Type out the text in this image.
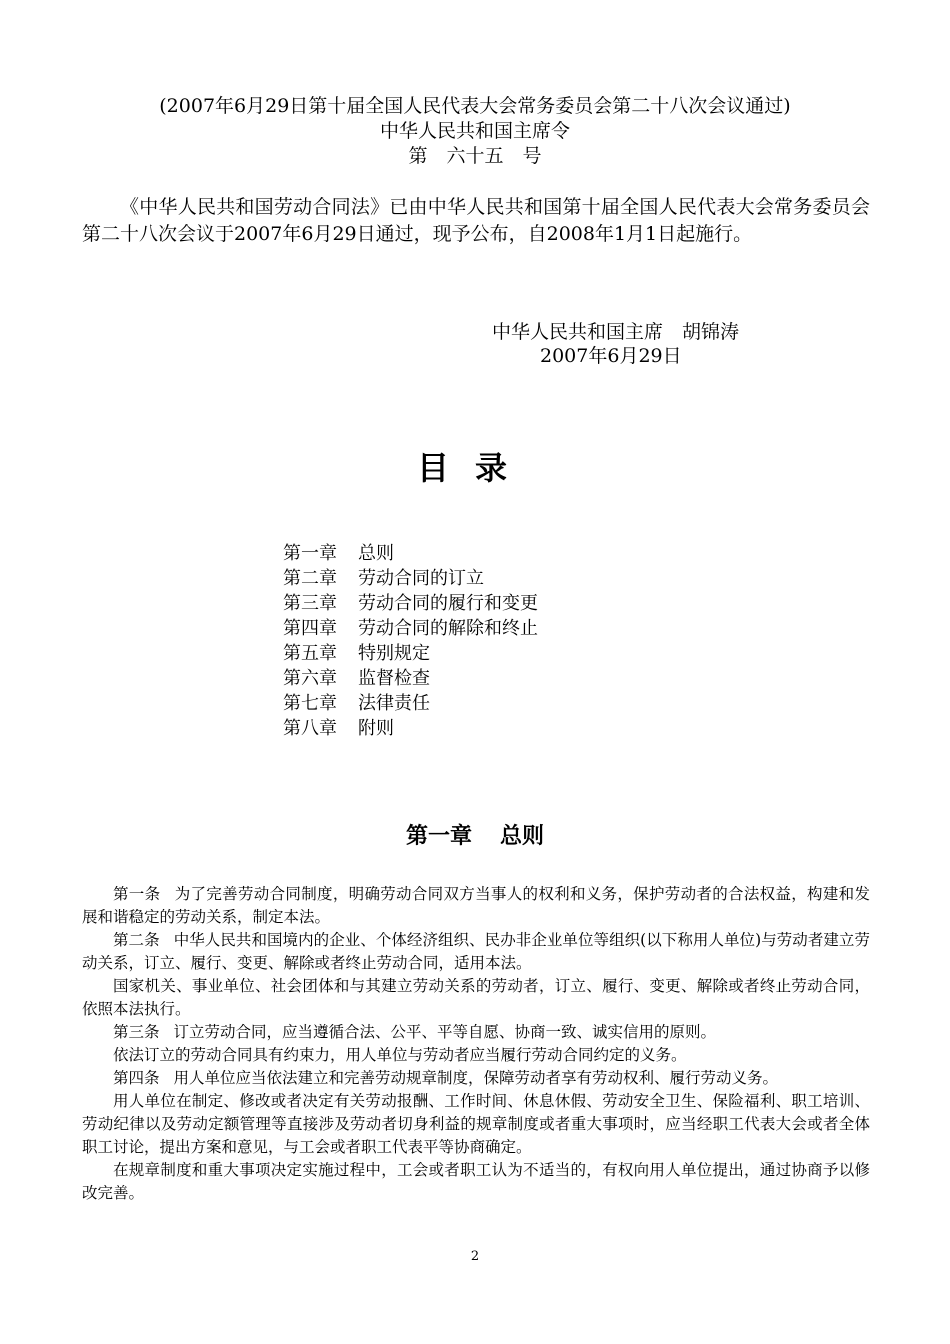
(2007年6月29日第十届全国人民代表大会常务委员会第二十八次会议通过)
中华人民共和国主席令
第　六十五　号
《中华人民共和国劳动合同法》已由中华人民共和国第十届全国人民代表大会常务委员会第二十八次会议于2007年6月29日通过，现予公布，自2008年1月1日起施行。
中华人民共和国主席　胡锦涛
2007年6月29日
目录
第一章 总则
第二章 劳动合同的订立
第三章 劳动合同的履行和变更
第四章 劳动合同的解除和终止
第五章 特别规定
第六章 监督检查
第七章 法律责任
第八章 附则
第一章 总则
第一条 为了完善劳动合同制度，明确劳动合同双方当事人的权利和义务，保护劳动者的合法权益，构建和发展和谐稳定的劳动关系，制定本法。
第二条 中华人民共和国境内的企业、个体经济组织、民办非企业单位等组织(以下称用人单位)与劳动者建立劳动关系，订立、履行、变更、解除或者终止劳动合同，适用本法。
国家机关、事业单位、社会团体和与其建立劳动关系的劳动者，订立、履行、变更、解除或者终止劳动合同，依照本法执行。
第三条 订立劳动合同，应当遵循合法、公平、平等自愿、协商一致、诚实信用的原则。
依法订立的劳动合同具有约束力，用人单位与劳动者应当履行劳动合同约定的义务。
第四条 用人单位应当依法建立和完善劳动规章制度，保障劳动者享有劳动权利、履行劳动义务。
用人单位在制定、修改或者决定有关劳动报酬、工作时间、休息休假、劳动安全卫生、保险福利、职工培训、劳动纪律以及劳动定额管理等直接涉及劳动者切身利益的规章制度或者重大事项时，应当经职工代表大会或者全体职工讨论，提出方案和意见，与工会或者职工代表平等协商确定。
在规章制度和重大事项决定实施过程中，工会或者职工认为不适当的，有权向用人单位提出，通过协商予以修改完善。
2
